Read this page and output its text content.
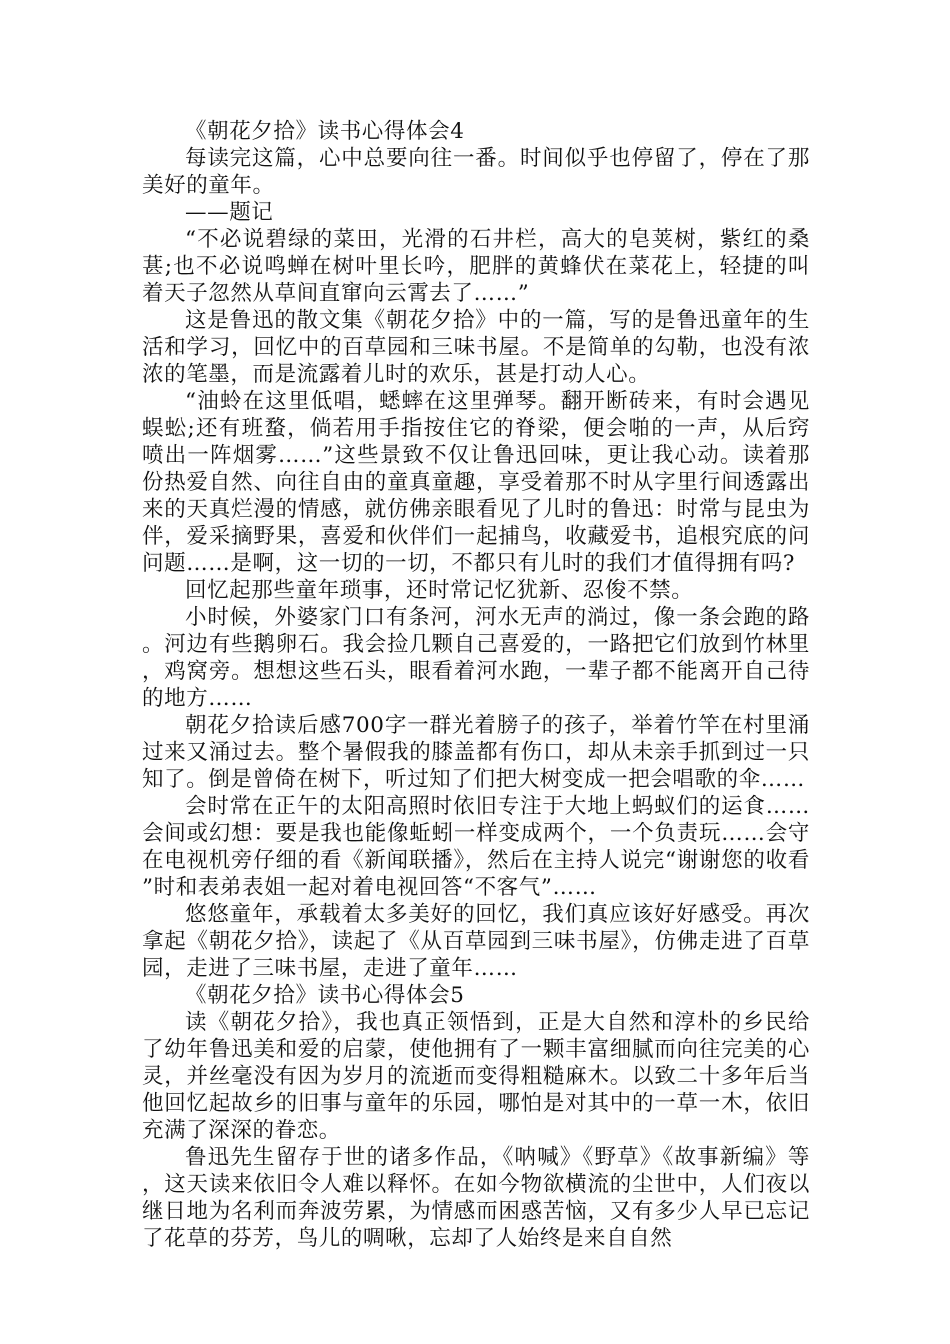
《朝花夕拾》读书心得体会4

每读完这篇，心中总要向往一番。时间似乎也停留了，停在了那美好的童年。

——题记

“不必说碧绿的菜田，光滑的石井栏，高大的皂荚树，紫红的桑葚;也不必说鸣蝉在树叶里长吟，肥胖的黄蜂伏在菜花上，轻捷的叫着天子忽然从草间直窜向云霄去了……”

这是鲁迅的散文集《朝花夕拾》中的一篇，写的是鲁迅童年的生活和学习，回忆中的百草园和三味书屋。不是简单的勾勒，也没有浓浓的笔墨，而是流露着儿时的欢乐，甚是打动人心。

“油蛉在这里低唱，蟋蟀在这里弹琴。翻开断砖来，有时会遇见蜈蚣;还有班蝥，倘若用手指按住它的脊梁，便会啪的一声，从后窍喷出一阵烟雾……”这些景致不仅让鲁迅回味，更让我心动。读着那份热爱自然、向往自由的童真童趣，享受着那不时从字里行间透露出来的天真烂漫的情感，就仿佛亲眼看见了儿时的鲁迅：时常与昆虫为伴，爱采摘野果，喜爱和伙伴们一起捕鸟，收藏爱书，追根究底的问问题……是啊，这一切的一切，不都只有儿时的我们才值得拥有吗?

回忆起那些童年琐事，还时常记忆犹新、忍俊不禁。

小时候，外婆家门口有条河，河水无声的淌过，像一条会跑的路。河边有些鹅卵石。我会捡几颗自己喜爱的，一路把它们放到竹林里，鸡窝旁。想想这些石头，眼看着河水跑，一辈子都不能离开自己待的地方……

朝花夕拾读后感700字一群光着膀子的孩子，举着竹竿在村里涌过来又涌过去。整个暑假我的膝盖都有伤口，却从未亲手抓到过一只知了。倒是曾倚在树下，听过知了们把大树变成一把会唱歌的伞……

会时常在正午的太阳高照时依旧专注于大地上蚂蚁们的运食……会间或幻想：要是我也能像蚯蚓一样变成两个，一个负责玩……会守在电视机旁仔细的看《新闻联播》，然后在主持人说完“谢谢您的收看”时和表弟表姐一起对着电视回答“不客气”……

悠悠童年，承载着太多美好的回忆，我们真应该好好感受。再次拿起《朝花夕拾》，读起了《从百草园到三味书屋》，仿佛走进了百草园，走进了三味书屋，走进了童年……

《朝花夕拾》读书心得体会5

读《朝花夕拾》，我也真正领悟到，正是大自然和淳朴的乡民给了幼年鲁迅美和爱的启蒙，使他拥有了一颗丰富细腻而向往完美的心灵，并丝毫没有因为岁月的流逝而变得粗糙麻木。以致二十多年后当他回忆起故乡的旧事与童年的乐园，哪怕是对其中的一草一木，依旧充满了深深的眷恋。

鲁迅先生留存于世的诸多作品，《呐喊》《野草》《故事新编》等，这天读来依旧令人难以释怀。在如今物欲横流的尘世中，人们夜以继日地为名利而奔波劳累，为情感而困惑苦恼，又有多少人早已忘记了花草的芬芳，鸟儿的啁啾，忘却了人始终是来自自然
